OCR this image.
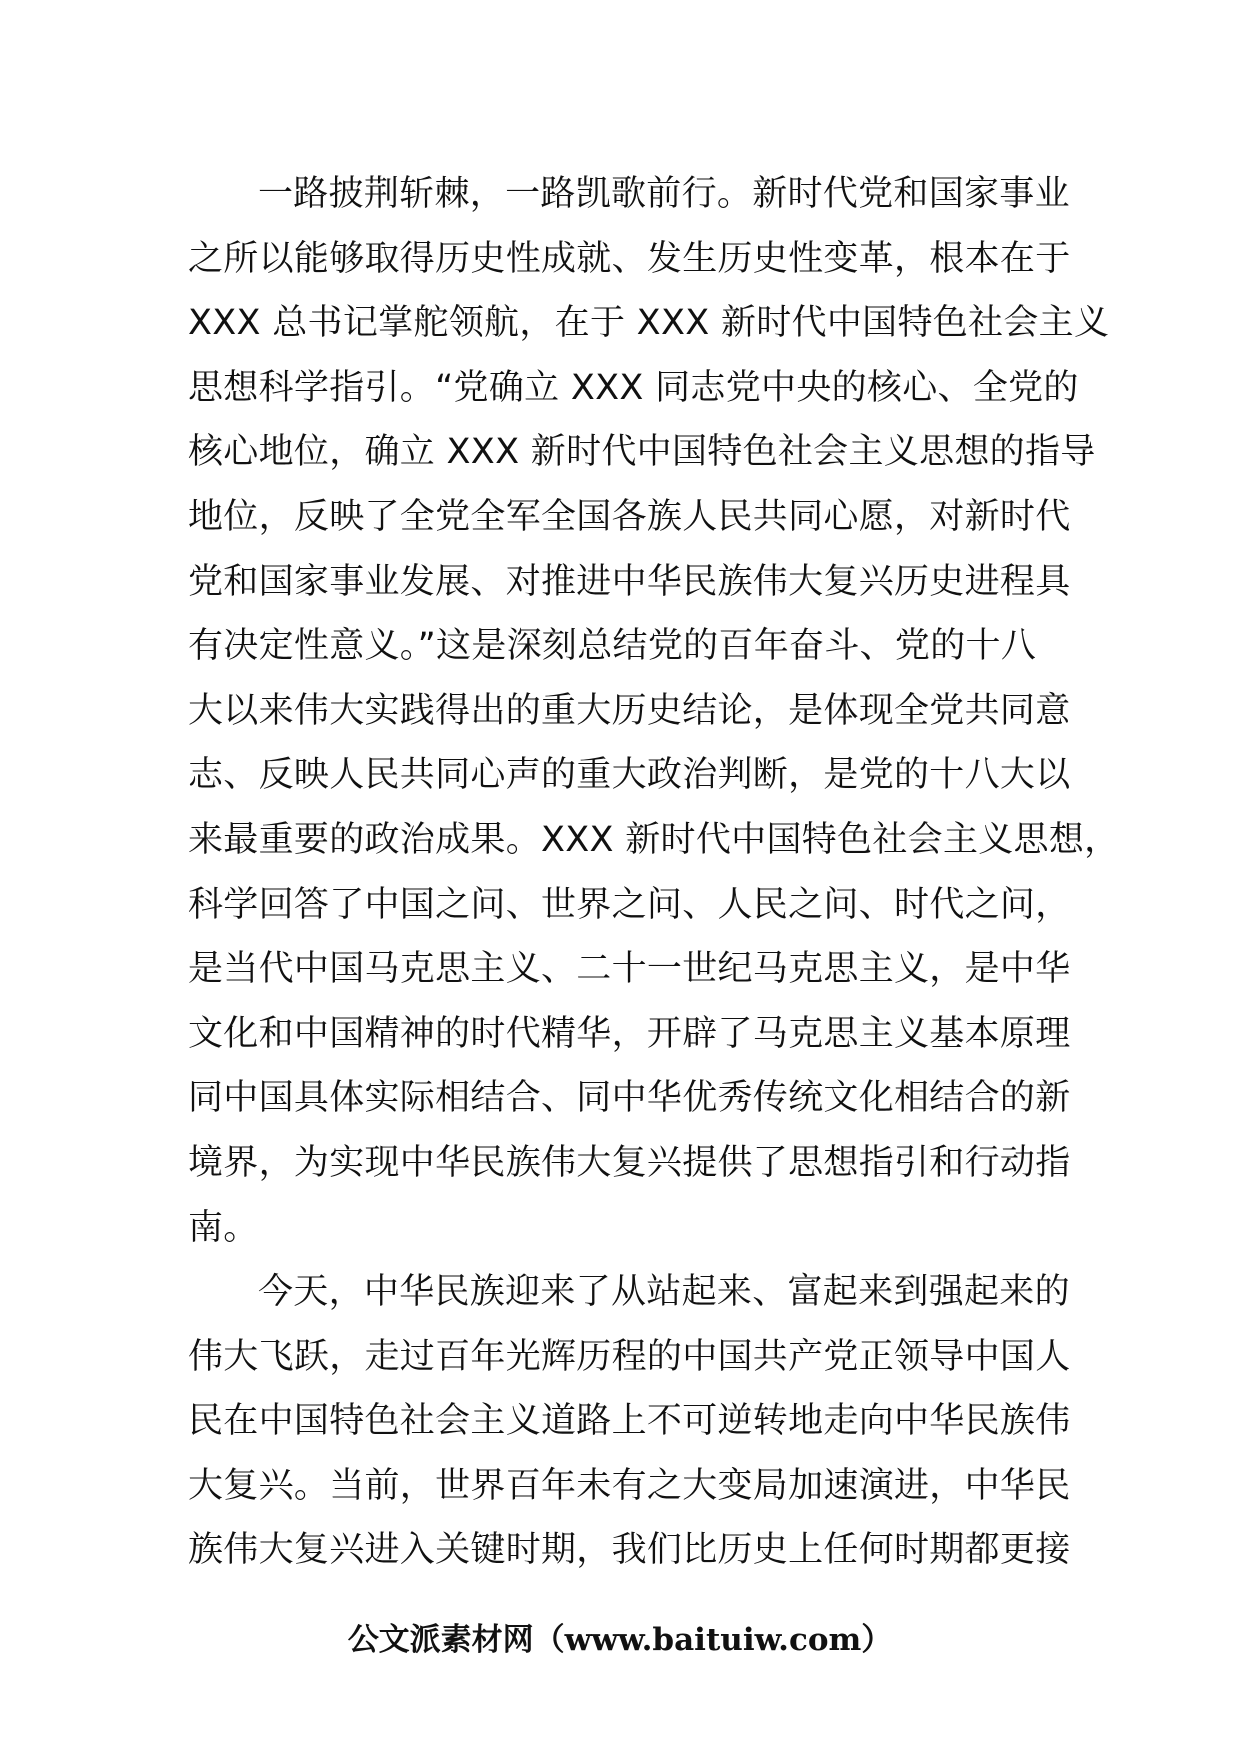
一路披荆斩棘，一路凯歌前行。新时代党和国家事业
之所以能够取得历史性成就、发生历史性变革，根本在于
XXX 总书记掌舵领航，在于 XXX 新时代中国特色社会主义
思想科学指引。“党确立 XXX 同志党中央的核心、全党的
核心地位，确立 XXX 新时代中国特色社会主义思想的指导
地位，反映了全党全军全国各族人民共同心愿，对新时代
党和国家事业发展、对推进中华民族伟大复兴历史进程具
有决定性意义。”这是深刻总结党的百年奋斗、党的十八
大以来伟大实践得出的重大历史结论，是体现全党共同意
志、反映人民共同心声的重大政治判断，是党的十八大以
来最重要的政治成果。XXX 新时代中国特色社会主义思想，
科学回答了中国之问、世界之问、人民之问、时代之问，
是当代中国马克思主义、二十一世纪马克思主义，是中华
文化和中国精神的时代精华，开辟了马克思主义基本原理
同中国具体实际相结合、同中华优秀传统文化相结合的新
境界，为实现中华民族伟大复兴提供了思想指引和行动指
南。
今天，中华民族迎来了从站起来、富起来到强起来的
伟大飞跃，走过百年光辉历程的中国共产党正领导中国人
民在中国特色社会主义道路上不可逆转地走向中华民族伟
大复兴。当前，世界百年未有之大变局加速演进，中华民
族伟大复兴进入关键时期，我们比历史上任何时期都更接
公文派素材网（www.baituiw.com）
